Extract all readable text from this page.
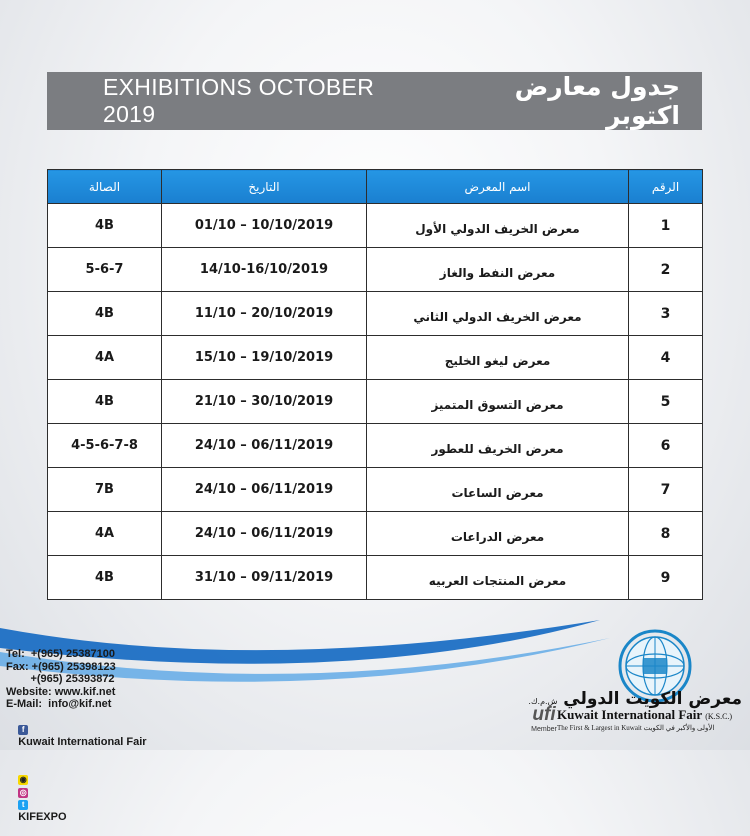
EXHIBITIONS OCTOBER 2019
جدول معارض اكتوبر
الصالة	التاريخ	اسم المعرض	الرقم
4B	01/10 – 10/10/2019	معرض الخريف الدولي الأول	1
5-6-7	14/10-16/10/2019	معرض النفط والغاز	2
4B	11/10 – 20/10/2019	معرض الخريف الدولي الثاني	3
4A	15/10 – 19/10/2019	معرض ليغو الخليج	4
4B	21/10 – 30/10/2019	معرض التسوق المتميز	5
4-5-6-7-8	24/10 – 06/11/2019	معرض الخريف للعطور	6
7B	24/10 – 06/11/2019	معرض الساعات	7
4A	24/10 – 06/11/2019	معرض الدراعات	8
4B	31/10 – 09/11/2019	معرض المنتجات العربيه	9
Tel:  +(965) 25387100
Fax: +(965) 25398123
+(965) 25393872
Website: www.kif.net
E-Mail:  info@kif.net

f
Kuwait International Fair

◉
◎
t
KIFEXPO

معرض الكويت الدولي ش.م.ك.
Kuwait International Fair (K.S.C.)
The First & Largest in Kuwait الأولى والأكبر في الكويت
ufi
Member
